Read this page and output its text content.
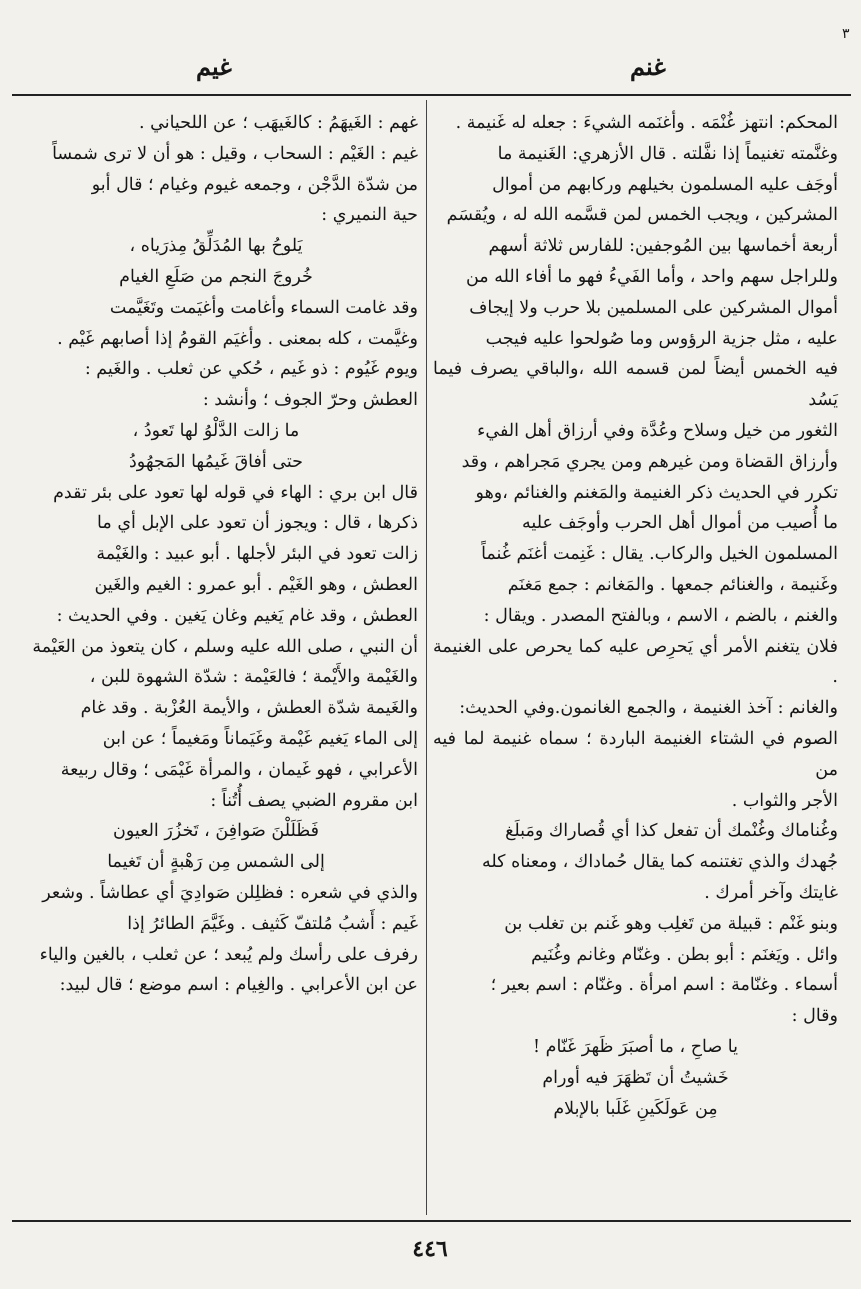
٣
غيم	غنم

المحكم: انتهز غُنْمَه . وأغنَمه الشيءَ : جعله له غَنيمة .

وغنَّمته تغنيماً إذا نفَّلته . قال الأزهري: الغَنيمة ما

أوجَف عليه المسلمون بخيلهم وركابهم من أموال

المشركين ، ويجب الخمس لمن قسَّمه الله له ، ويُقسَم

أربعة أخماسها بين المُوجفين: للفارس ثلاثة أسهم

وللراجل سهم واحد ، وأما الفَيءُ فهو ما أفاء الله من

أموال المشركين على المسلمين بلا حرب ولا إيجاف

عليه ، مثل جزية الرؤوس وما صُولحوا عليه فيجب

فيه الخمس أيضاً لمن قسمه الله ،والباقي يصرف فيما يَسُد

الثغور من خيل وسلاح وعُدَّة وفي أرزاق أهل الفيء

وأرزاق القضاة ومن غيرهم ومن يجري مَجراهم ، وقد

تكرر في الحديث ذكر الغنيمة والمَغنم والغنائم ،وهو

ما أُصيب من أموال أهل الحرب وأوجَف عليه

المسلمون الخيل والركاب. يقال : غَنِمت أغنَم غُنماً

وغَنيمة ، والغنائم جمعها . والمَغانم : جمع مَغنَم

والغنم ، بالضم ، الاسم ، وبالفتح المصدر . ويقال :

فلان يتغنم الأمر أي يَحرِص عليه كما يحرص على الغنيمة .

والغانم : آخذ الغنيمة ، والجمع الغانمون.وفي الحديث:

الصوم في الشتاء الغنيمة الباردة ؛ سماه غنيمة لما فيه من

الأجر والثواب .

وغُناماك وغُنْمك أن تفعل كذا أي قُصاراك ومَبلَغ

جُهدك والذي تغتنمه كما يقال حُماداك ، ومعناه كله

غايتك وآخر أمرك .

وبنو غَنْم : قبيلة من تَغلِب وهو غَنم بن تغلب بن

وائل . ويَغنَم : أبو بطن . وغنّام وغانم وغُنَيم

أسماء . وغنّامة : اسم امرأة . وغنّام : اسم بعير ؛

وقال :

يا صاحِ ، ما أصبَرَ ظَهرَ غَنّام !

خَشيتُ أن تَظهَرَ فيه أورام

مِن عَولَكَينِ غَلَبا بالإبلام

غهم : الغَيهَمُ : كالغَيهَب ؛ عن اللحياني .

غيم : الغَيْم : السحاب ، وقيل : هو أن لا ترى شمساً

من شدّة الدَّجْن ، وجمعه غيوم وغيام ؛ قال أبو

حية النميري :

يَلوحُ بها المُدَلِّقُ مِذرَياه ،

خُروجَ النجم من صَلَعِ الغيام

وقد غامت السماء وأغامت وأغيَمت وتَغَيَّمت

وغيَّمت ، كله بمعنى . وأغيَم القومُ إذا أصابهم غَيْم .

ويوم غَيُوم : ذو غَيم ، حُكي عن ثعلب . والغَيم :

العطش وحرّ الجوف ؛ وأنشد :

ما زالت الدَّلْوُ لها تَعودُ ،

حتى أفاقَ غَيمُها المَجهُودُ

قال ابن بري : الهاء في قوله لها تعود على بئر تقدم

ذكرها ، قال : ويجوز أن تعود على الإبل أي ما

زالت تعود في البئر لأجلها . أبو عبيد : والغَيْمة

العطش ، وهو الغَيْم . أبو عمرو : الغيم والغَين

العطش ، وقد غام يَغيم وغان يَغين . وفي الحديث :

أن النبي ، صلى الله عليه وسلم ، كان يتعوذ من العَيْمة

والغَيْمة والأَيْمة ؛ فالعَيْمة : شدّة الشهوة للبن ،

والغَيمة شدّة العطش ، والأيمة العُزْبة . وقد غام

إلى الماء يَغيم غَيْمة وغَيَماناً ومَغيماً ؛ عن ابن

الأعرابي ، فهو غَيمان ، والمرأة غَيْمَى ؛ وقال ربيعة

ابن مقروم الضبي يصف أُتُناً :

فَظَلَلْنَ صَوافِنَ ، تَخزُرَ العيون

إلى الشمس مِن رَهْبةٍ أن تَغيما

والذي في شعره : فظلِلن صَوادِيَ أي عطاشاً . وشعر

غَيم : أَشبُ مُلتفّ كَثيف . وغَيَّمَ الطائرُ إذا

رفرف على رأسك ولم يُبعد ؛ عن ثعلب ، بالغين والياء

عن ابن الأعرابي . والغِيام : اسم موضع ؛ قال لبيد:

٤٤٦
